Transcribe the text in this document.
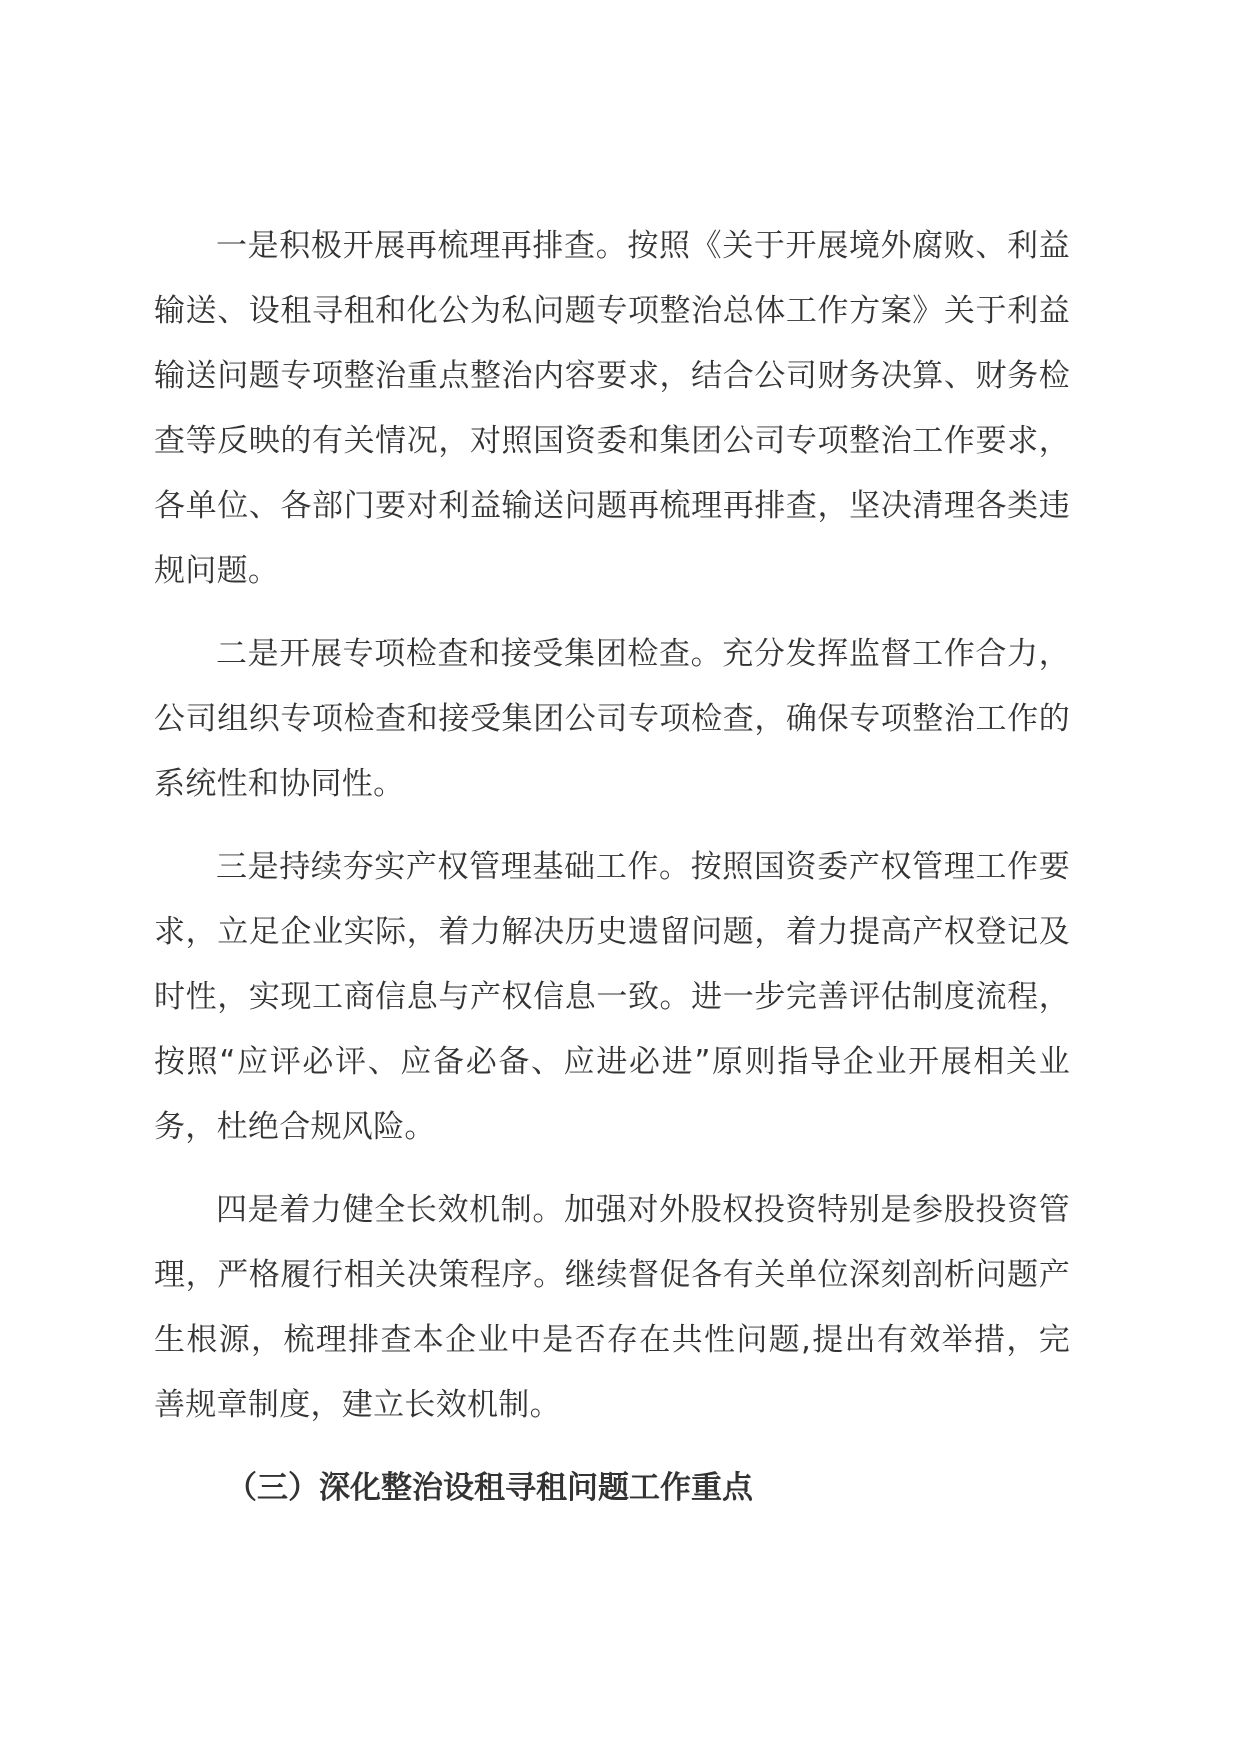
一是积极开展再梳理再排查。按照《关于开展境外腐败、利益输送、设租寻租和化公为私问题专项整治总体工作方案》关于利益输送问题专项整治重点整治内容要求，结合公司财务决算、财务检查等反映的有关情况，对照国资委和集团公司专项整治工作要求，各单位、各部门要对利益输送问题再梳理再排查，坚决清理各类违规问题。

二是开展专项检查和接受集团检查。充分发挥监督工作合力，公司组织专项检查和接受集团公司专项检查，确保专项整治工作的系统性和协同性。

三是持续夯实产权管理基础工作。按照国资委产权管理工作要求，立足企业实际，着力解决历史遗留问题，着力提高产权登记及时性，实现工商信息与产权信息一致。进一步完善评估制度流程，按照“应评必评、应备必备、应进必进”原则指导企业开展相关业务，杜绝合规风险。

四是着力健全长效机制。加强对外股权投资特别是参股投资管理，严格履行相关决策程序。继续督促各有关单位深刻剖析问题产生根源，梳理排查本企业中是否存在共性问题,提出有效举措，完善规章制度，建立长效机制。

（三）深化整治设租寻租问题工作重点
